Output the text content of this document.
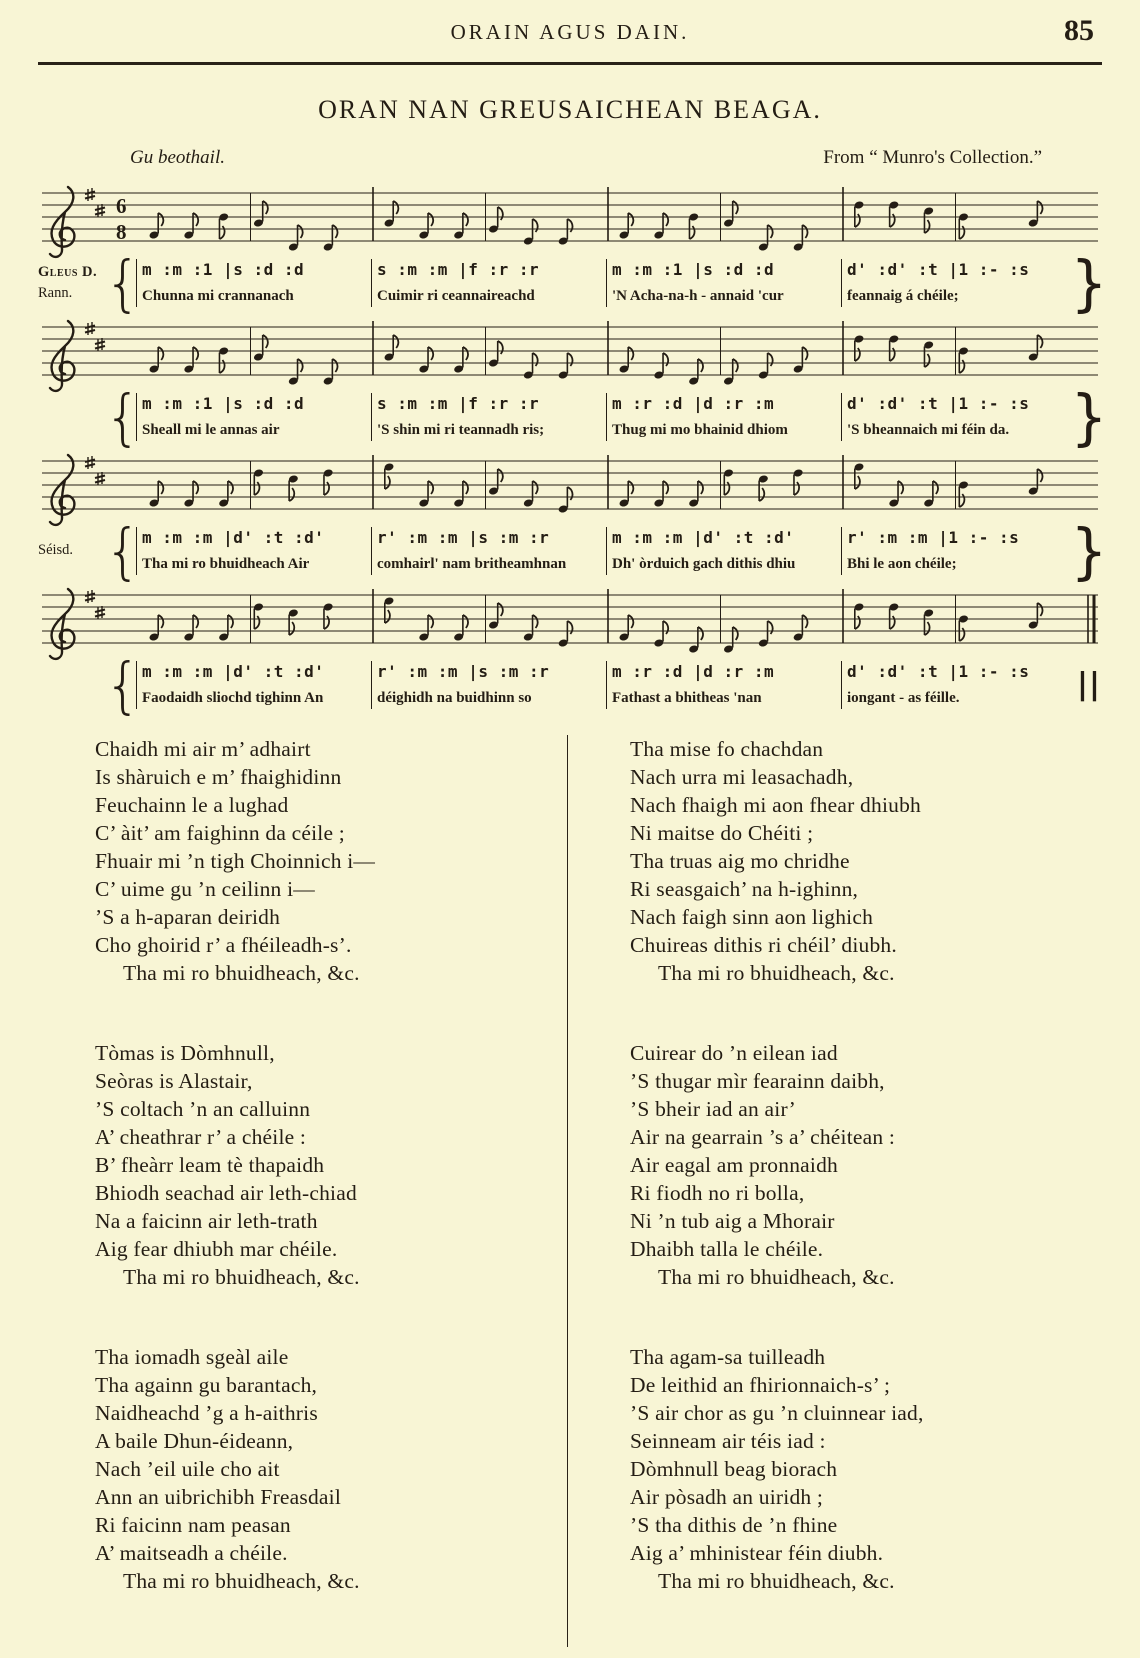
ORAIN AGUS DAIN.	85
ORAN NAN GREUSAICHEAN BEAGA.
Gu beothail.	From “ Munro's Collection.”
6
8
Gleus D.
Rann. { m :m :1 |s :d :d
Chunna mi crannanach
s :m :m |f :r :r
Cuimir ri ceannaireachd
m :m :1 |s :d :d
'N Acha-na-h - annaid 'cur
d' :d' :t |1 :- :s
feannaig á chéile;	}
{ m :m :1 |s :d :d
Sheall mi le annas air
s :m :m |f :r :r
'S shin mi ri teannadh ris;
m :r :d |d :r :m
Thug mi mo bhainid dhiom
d' :d' :t |1 :- :s
'S bheannaich mi féin da.	}
Séisd. { m :m :m |d' :t :d'
Tha mi ro bhuidheach Air
r' :m :m |s :m :r
comhairl' nam britheamhnan
m :m :m |d' :t :d'
Dh' òrduich gach dithis dhiu
r' :m :m |1 :- :s
Bhi le aon chéile;	}
{ m :m :m |d' :t :d'
Faodaidh sliochd tighinn An
r' :m :m |s :m :r
déighidh na buidhinn so
m :r :d |d :r :m
Fathast a bhitheas 'nan
d' :d' :t |1 :- :s
iongant - as féille.	||
Chaidh mi air m’ adhairt
Is shàruich e m’ fhaighidinn
Feuchainn le a lughad
C’ àit’ am faighinn da céile ;
Fhuair mi ’n tigh Choinnich i—
C’ uime gu ’n ceilinn i—
’S a h-aparan deiridh
Cho ghoirid r’ a fhéileadh-s’.
Tha mi ro bhuidheach, &c.
Tòmas is Dòmhnull,
Seòras is Alastair,
’S coltach ’n an calluinn
A’ cheathrar r’ a chéile :
B’ fheàrr leam tè thapaidh
Bhiodh seachad air leth-chiad
Na a faicinn air leth-trath
Aig fear dhiubh mar chéile.
Tha mi ro bhuidheach, &c.
Tha iomadh sgeàl aile
Tha againn gu barantach,
Naidheachd ’g a h-aithris
A baile Dhun-éideann,
Nach ’eil uile cho ait
Ann an uibrichibh Freasdail
Ri faicinn nam peasan
A’ maitseadh a chéile.
Tha mi ro bhuidheach, &c.
Tha mise fo chachdan
Nach urra mi leasachadh,
Nach fhaigh mi aon fhear dhiubh
Ni maitse do Chéiti ;
Tha truas aig mo chridhe
Ri seasgaich’ na h-ighinn,
Nach faigh sinn aon lighich
Chuireas dithis ri chéil’ diubh.
Tha mi ro bhuidheach, &c.
Cuirear do ’n eilean iad
’S thugar mìr fearainn daibh,
’S bheir iad an air’
Air na gearrain ’s a’ chéitean :
Air eagal am pronnaidh
Ri fiodh no ri bolla,
Ni ’n tub aig a Mhorair
Dhaibh talla le chéile.
Tha mi ro bhuidheach, &c.
Tha agam-sa tuilleadh
De leithid an fhirionnaich-s’ ;
’S air chor as gu ’n cluinnear iad,
Seinneam air téis iad :
Dòmhnull beag biorach
Air pòsadh an uiridh ;
’S tha dithis de ’n fhine
Aig a’ mhinistear féin diubh.
Tha mi ro bhuidheach, &c.
